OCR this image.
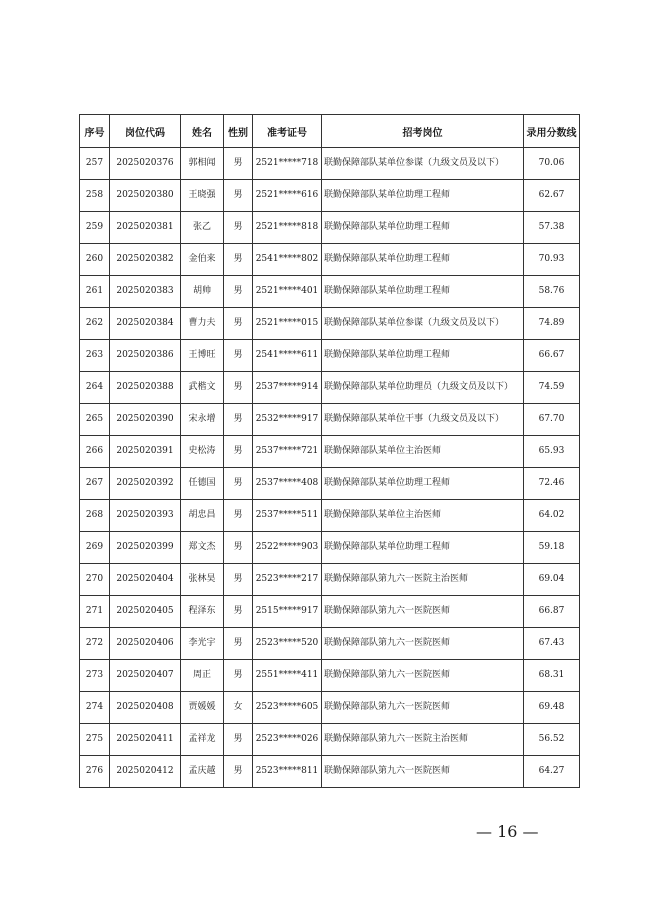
序号	岗位代码	姓名	性别	准考证号	招考岗位	录用分数线
257	2025020376	郭相闻	男	2521*****718	联勤保障部队某单位参谋（九级文员及以下）	70.06
258	2025020380	王晓强	男	2521*****616	联勤保障部队某单位助理工程师	62.67
259	2025020381	张乙	男	2521*****818	联勤保障部队某单位助理工程师	57.38
260	2025020382	金伯来	男	2541*****802	联勤保障部队某单位助理工程师	70.93
261	2025020383	胡帅	男	2521*****401	联勤保障部队某单位助理工程师	58.76
262	2025020384	曹力夫	男	2521*****015	联勤保障部队某单位参谋（九级文员及以下）	74.89
263	2025020386	王博旺	男	2541*****611	联勤保障部队某单位助理工程师	66.67
264	2025020388	武楷文	男	2537*****914	联勤保障部队某单位助理员（九级文员及以下）	74.59
265	2025020390	宋永增	男	2532*****917	联勤保障部队某单位干事（九级文员及以下）	67.70
266	2025020391	史松涛	男	2537*****721	联勤保障部队某单位主治医师	65.93
267	2025020392	任德国	男	2537*****408	联勤保障部队某单位助理工程师	72.46
268	2025020393	胡忠昌	男	2537*****511	联勤保障部队某单位主治医师	64.02
269	2025020399	郑文杰	男	2522*****903	联勤保障部队某单位助理工程师	59.18
270	2025020404	张林昊	男	2523*****217	联勤保障部队第九六一医院主治医师	69.04
271	2025020405	程泽东	男	2515*****917	联勤保障部队第九六一医院医师	66.87
272	2025020406	李光宇	男	2523*****520	联勤保障部队第九六一医院医师	67.43
273	2025020407	周正	男	2551*****411	联勤保障部队第九六一医院医师	68.31
274	2025020408	贾媛媛	女	2523*****605	联勤保障部队第九六一医院医师	69.48
275	2025020411	孟祥龙	男	2523*****026	联勤保障部队第九六一医院主治医师	56.52
276	2025020412	孟庆越	男	2523*****811	联勤保障部队第九六一医院医师	64.27
— 16 —
